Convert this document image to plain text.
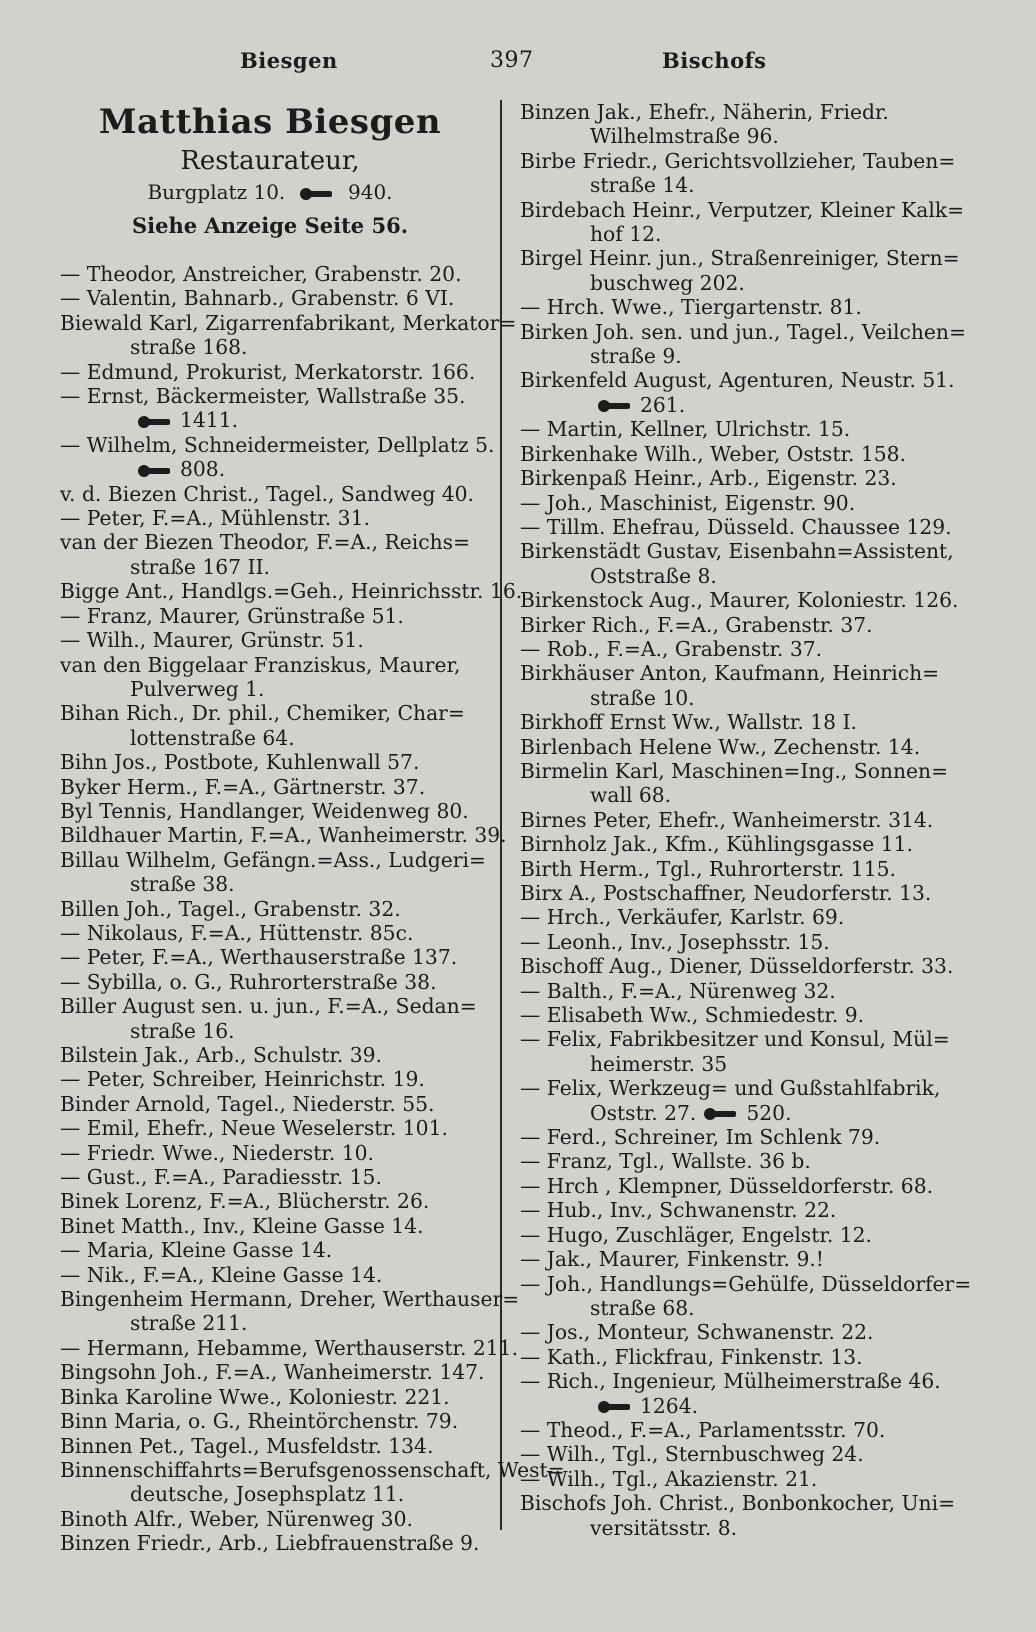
Biesgen	397	Bischofs
Matthias Biesgen
Restaurateur,
Burgplatz 10.	940.
Siehe Anzeige Seite 56.
— Theodor, Anstreicher, Grabenstr. 20.
— Valentin, Bahnarb., Grabenstr. 6 VI.
Biewald Karl, Zigarrenfabrikant, Merkator=
straße 168.
— Edmund, Prokurist, Merkatorstr. 166.
— Ernst, Bäckermeister, Wallstraße 35.
1411.
— Wilhelm, Schneidermeister, Dellplatz 5.
808.
v. d. Biezen Christ., Tagel., Sandweg 40.
— Peter, F.=A., Mühlenstr. 31.
van der Biezen Theodor, F.=A., Reichs=
straße 167 II.
Bigge Ant., Handlgs.=Geh., Heinrichsstr. 16.
— Franz, Maurer, Grünstraße 51.
— Wilh., Maurer, Grünstr. 51.
van den Biggelaar Franziskus, Maurer,
Pulverweg 1.
Bihan Rich., Dr. phil., Chemiker, Char=
lottenstraße 64.
Bihn Jos., Postbote, Kuhlenwall 57.
Byker Herm., F.=A., Gärtnerstr. 37.
Byl Tennis, Handlanger, Weidenweg 80.
Bildhauer Martin, F.=A., Wanheimerstr. 39.
Billau Wilhelm, Gefängn.=Ass., Ludgeri=
straße 38.
Billen Joh., Tagel., Grabenstr. 32.
— Nikolaus, F.=A., Hüttenstr. 85c.
— Peter, F.=A., Werthauserstraße 137.
— Sybilla, o. G., Ruhrorterstraße 38.
Biller August sen. u. jun., F.=A., Sedan=
straße 16.
Bilstein Jak., Arb., Schulstr. 39.
— Peter, Schreiber, Heinrichstr. 19.
Binder Arnold, Tagel., Niederstr. 55.
— Emil, Ehefr., Neue Weselerstr. 101.
— Friedr. Wwe., Niederstr. 10.
— Gust., F.=A., Paradiesstr. 15.
Binek Lorenz, F.=A., Blücherstr. 26.
Binet Matth., Inv., Kleine Gasse 14.
— Maria, Kleine Gasse 14.
— Nik., F.=A., Kleine Gasse 14.
Bingenheim Hermann, Dreher, Werthauser=
straße 211.
— Hermann, Hebamme, Werthauserstr. 211.
Bingsohn Joh., F.=A., Wanheimerstr. 147.
Binka Karoline Wwe., Koloniestr. 221.
Binn Maria, o. G., Rheintörchenstr. 79.
Binnen Pet., Tagel., Musfeldstr. 134.
Binnenschiffahrts=Berufsgenossenschaft, West=
deutsche, Josephsplatz 11.
Binoth Alfr., Weber, Nürenweg 30.
Binzen Friedr., Arb., Liebfrauenstraße 9.
Binzen Jak., Ehefr., Näherin, Friedr.
Wilhelmstraße 96.
Birbe Friedr., Gerichtsvollzieher, Tauben=
straße 14.
Birdebach Heinr., Verputzer, Kleiner Kalk=
hof 12.
Birgel Heinr. jun., Straßenreiniger, Stern=
buschweg 202.
— Hrch. Wwe., Tiergartenstr. 81.
Birken Joh. sen. und jun., Tagel., Veilchen=
straße 9.
Birkenfeld August, Agenturen, Neustr. 51.
261.
— Martin, Kellner, Ulrichstr. 15.
Birkenhake Wilh., Weber, Oststr. 158.
Birkenpaß Heinr., Arb., Eigenstr. 23.
— Joh., Maschinist, Eigenstr. 90.
— Tillm. Ehefrau, Düsseld. Chaussee 129.
Birkenstädt Gustav, Eisenbahn=Assistent,
Oststraße 8.
Birkenstock Aug., Maurer, Koloniestr. 126.
Birker Rich., F.=A., Grabenstr. 37.
— Rob., F.=A., Grabenstr. 37.
Birkhäuser Anton, Kaufmann, Heinrich=
straße 10.
Birkhoff Ernst Ww., Wallstr. 18 I.
Birlenbach Helene Ww., Zechenstr. 14.
Birmelin Karl, Maschinen=Ing., Sonnen=
wall 68.
Birnes Peter, Ehefr., Wanheimerstr. 314.
Birnholz Jak., Kfm., Kühlingsgasse 11.
Birth Herm., Tgl., Ruhrorterstr. 115.
Birx A., Postschaffner, Neudorferstr. 13.
— Hrch., Verkäufer, Karlstr. 69.
— Leonh., Inv., Josephsstr. 15.
Bischoff Aug., Diener, Düsseldorferstr. 33.
— Balth., F.=A., Nürenweg 32.
— Elisabeth Ww., Schmiedestr. 9.
— Felix, Fabrikbesitzer und Konsul, Mül=
heimerstr. 35
— Felix, Werkzeug= und Gußstahlfabrik,
Oststr. 27. 520.
— Ferd., Schreiner, Im Schlenk 79.
— Franz, Tgl., Wallste. 36 b.
— Hrch , Klempner, Düsseldorferstr. 68.
— Hub., Inv., Schwanenstr. 22.
— Hugo, Zuschläger, Engelstr. 12.
— Jak., Maurer, Finkenstr. 9.!
— Joh., Handlungs=Gehülfe, Düsseldorfer=
straße 68.
— Jos., Monteur, Schwanenstr. 22.
— Kath., Flickfrau, Finkenstr. 13.
— Rich., Ingenieur, Mülheimerstraße 46.
1264.
— Theod., F.=A., Parlamentsstr. 70.
— Wilh., Tgl., Sternbuschweg 24.
— Wilh., Tgl., Akazienstr. 21.
Bischofs Joh. Christ., Bonbonkocher, Uni=
versitätsstr. 8.
